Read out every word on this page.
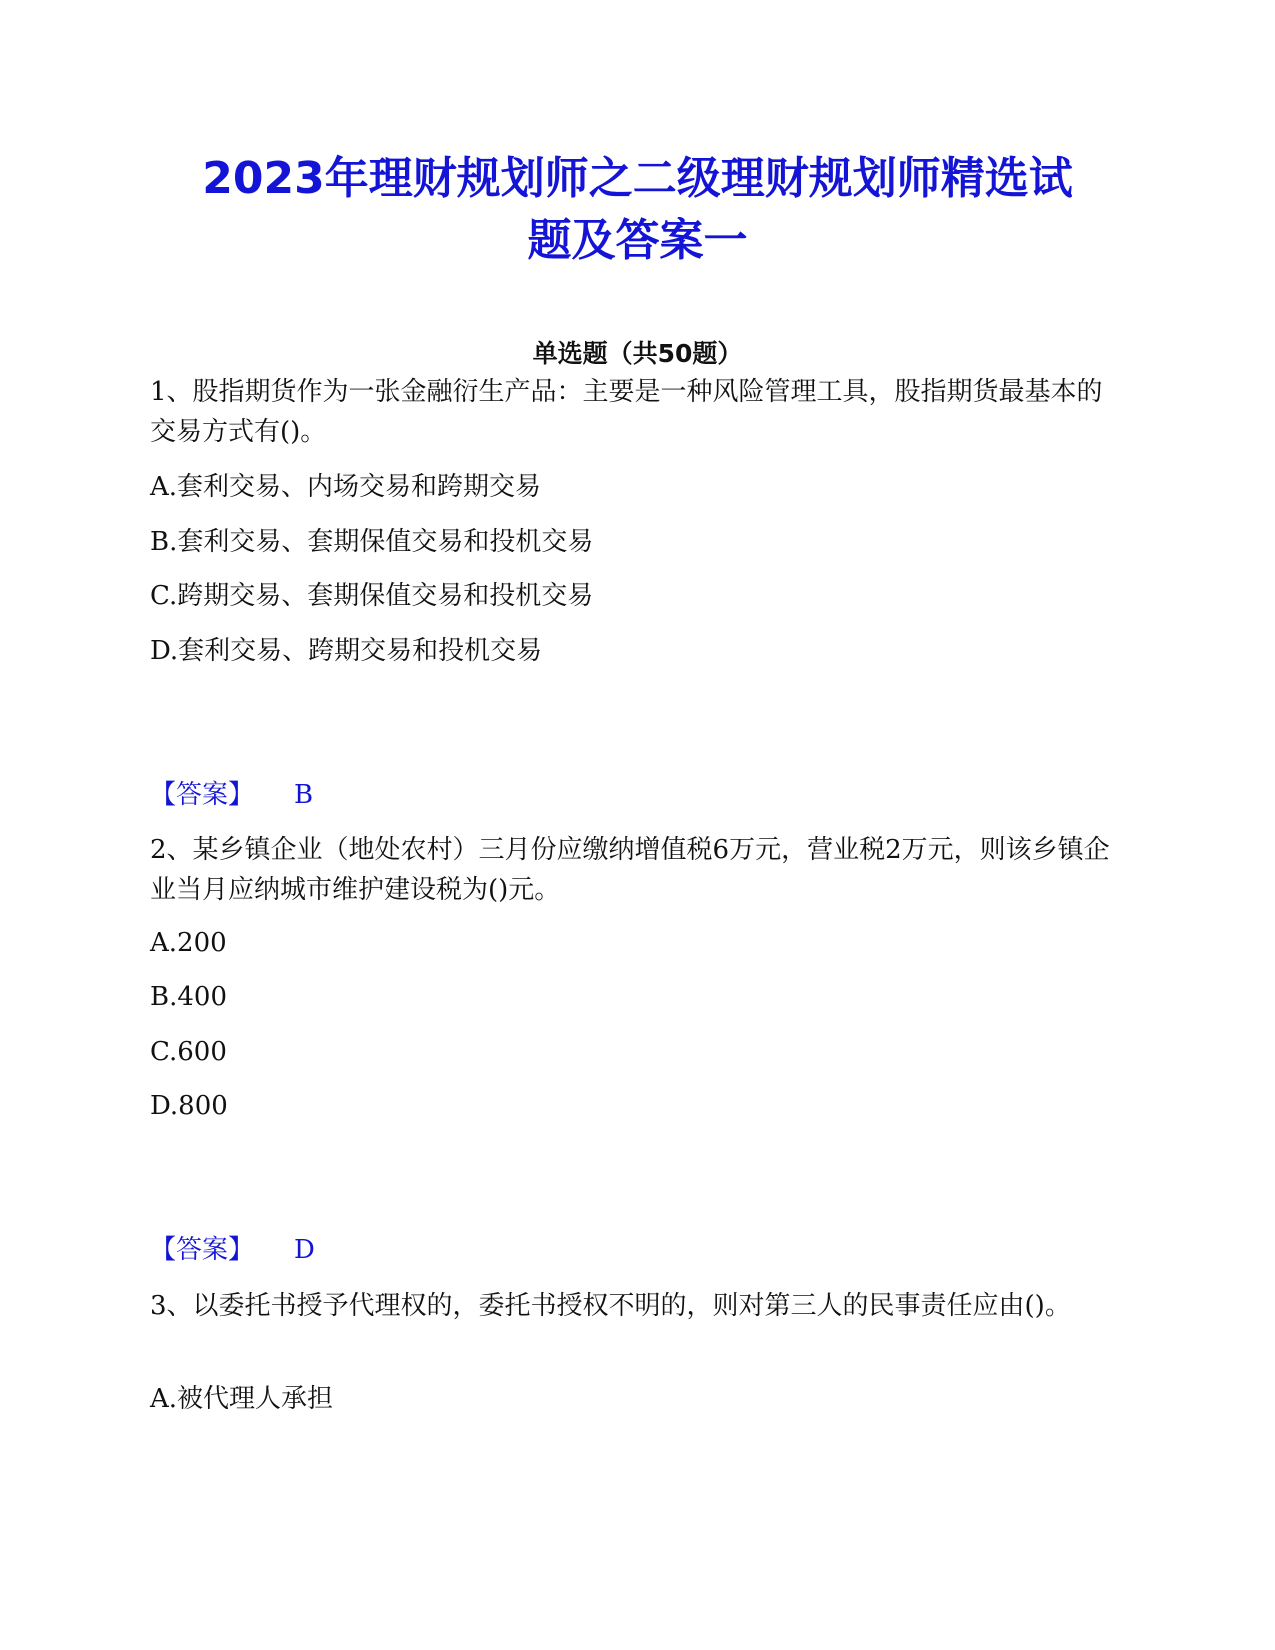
2023年理财规划师之二级理财规划师精选试
题及答案一
单选题（共50题）

1、股指期货作为一张金融衍生产品：主要是一种风险管理工具，股指期货最基本的交易方式有()。

A.套利交易、内场交易和跨期交易

B.套利交易、套期保值交易和投机交易

C.跨期交易、套期保值交易和投机交易

D.套利交易、跨期交易和投机交易

【答案】 B

2、某乡镇企业（地处农村）三月份应缴纳增值税6万元，营业税2万元，则该乡镇企业当月应纳城市维护建设税为()元。

A.200

B.400

C.600

D.800

【答案】 D

3、以委托书授予代理权的，委托书授权不明的，则对第三人的民事责任应由()。

A.被代理人承担
